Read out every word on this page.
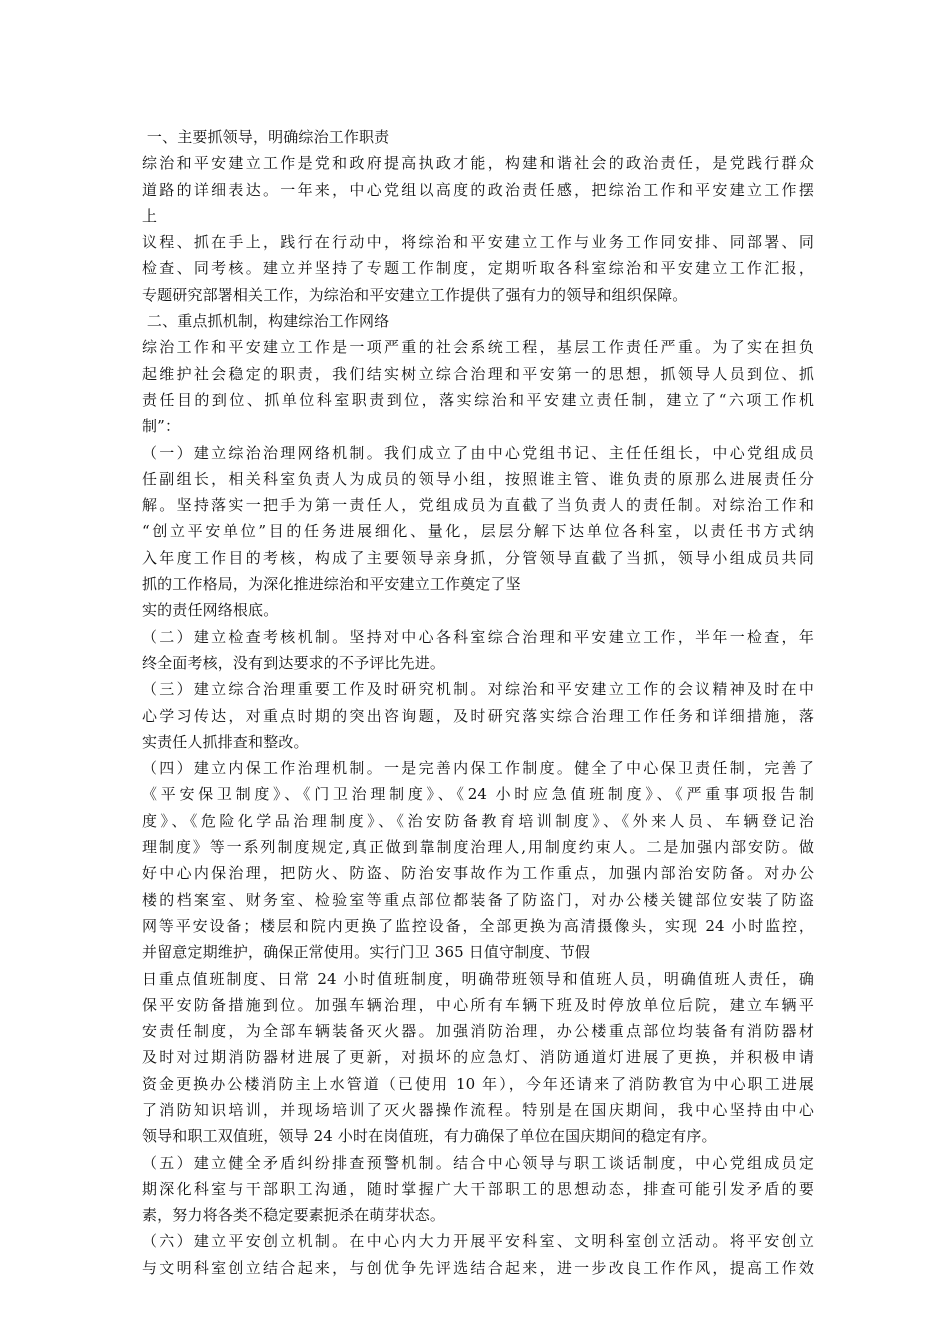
一、主要抓领导，明确综治工作职责
综治和平安建立工作是党和政府提高执政才能，构建和谐社会的政治责任，是党践行群众
道路的详细表达。一年来，中心党组以高度的政治责任感，把综治工作和平安建立工作摆
上
议程、抓在手上，践行在行动中，将综治和平安建立工作与业务工作同安排、同部署、同
检查、同考核。建立并坚持了专题工作制度，定期听取各科室综治和平安建立工作汇报，
专题研究部署相关工作，为综治和平安建立工作提供了强有力的领导和组织保障。
二、重点抓机制，构建综治工作网络
综治工作和平安建立工作是一项严重的社会系统工程，基层工作责任严重。为了实在担负
起维护社会稳定的职责，我们结实树立综合治理和平安第一的思想，抓领导人员到位、抓
责任目的到位、抓单位科室职责到位，落实综治和平安建立责任制，建立了“六项工作机
制”：
（一）建立综治治理网络机制。我们成立了由中心党组书记、主任任组长，中心党组成员
任副组长，相关科室负责人为成员的领导小组，按照谁主管、谁负责的原那么进展责任分
解。坚持落实一把手为第一责任人，党组成员为直截了当负责人的责任制。对综治工作和
“创立平安单位”目的任务进展细化、量化，层层分解下达单位各科室，以责任书方式纳
入年度工作目的考核，构成了主要领导亲身抓，分管领导直截了当抓，领导小组成员共同
抓的工作格局，为深化推进综治和平安建立工作奠定了坚
实的责任网络根底。
（二）建立检查考核机制。坚持对中心各科室综合治理和平安建立工作，半年一检查，年
终全面考核，没有到达要求的不予评比先进。
（三）建立综合治理重要工作及时研究机制。对综治和平安建立工作的会议精神及时在中
心学习传达，对重点时期的突出咨询题，及时研究落实综合治理工作任务和详细措施，落
实责任人抓排查和整改。
（四）建立内保工作治理机制。一是完善内保工作制度。健全了中心保卫责任制，完善了
《平安保卫制度》、《门卫治理制度》、《24 小时应急值班制度》、《严重事项报告制
度》、《危险化学品治理制度》、《治安防备教育培训制度》、《外来人员、车辆登记治
理制度》等一系列制度规定,真正做到靠制度治理人,用制度约束人。二是加强内部安防。做
好中心内保治理，把防火、防盗、防治安事故作为工作重点，加强内部治安防备。对办公
楼的档案室、财务室、检验室等重点部位都装备了防盗门，对办公楼关键部位安装了防盗
网等平安设备；楼层和院内更换了监控设备，全部更换为高清摄像头，实现 24 小时监控，
并留意定期维护，确保正常使用。实行门卫 365 日值守制度、节假
日重点值班制度、日常 24 小时值班制度，明确带班领导和值班人员，明确值班人责任，确
保平安防备措施到位。加强车辆治理，中心所有车辆下班及时停放单位后院，建立车辆平
安责任制度，为全部车辆装备灭火器。加强消防治理，办公楼重点部位均装备有消防器材
及时对过期消防器材进展了更新，对损坏的应急灯、消防通道灯进展了更换，并积极申请
资金更换办公楼消防主上水管道（已使用 10 年），今年还请来了消防教官为中心职工进展
了消防知识培训，并现场培训了灭火器操作流程。特别是在国庆期间，我中心坚持由中心
领导和职工双值班，领导 24 小时在岗值班，有力确保了单位在国庆期间的稳定有序。
（五）建立健全矛盾纠纷排查预警机制。结合中心领导与职工谈话制度，中心党组成员定
期深化科室与干部职工沟通，随时掌握广大干部职工的思想动态，排查可能引发矛盾的要
素，努力将各类不稳定要素扼杀在萌芽状态。
（六）建立平安创立机制。在中心内大力开展平安科室、文明科室创立活动。将平安创立
与文明科室创立结合起来，与创优争先评选结合起来，进一步改良工作作风，提高工作效
